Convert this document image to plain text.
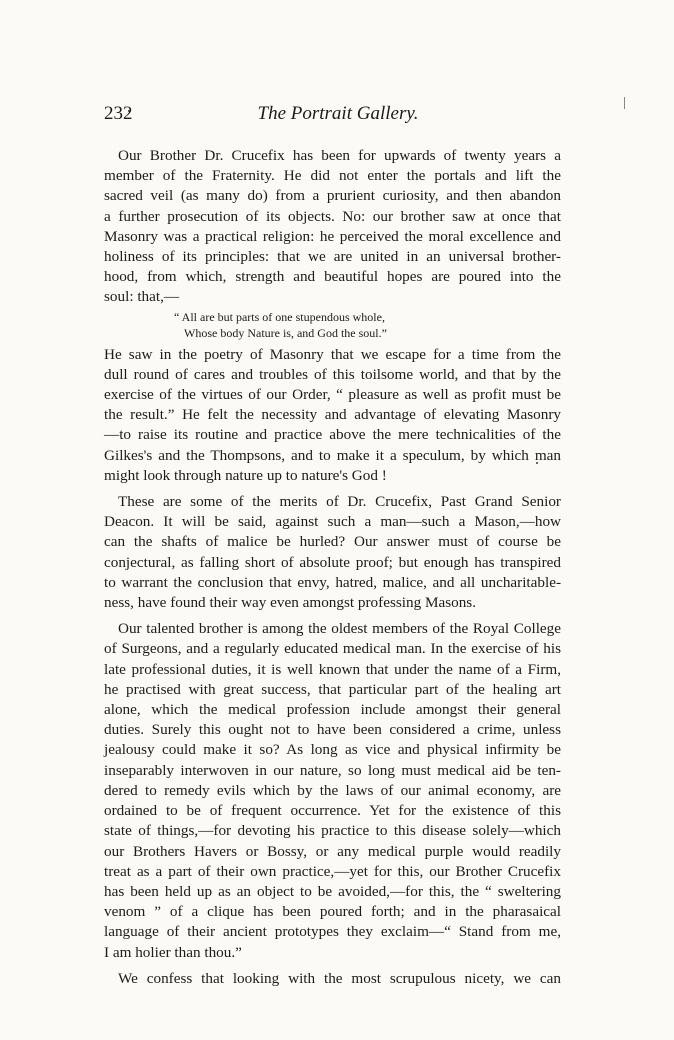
232	The Portrait Gallery.
Our Brother Dr. Crucefix has been for upwards of twenty years a
member of the Fraternity. He did not enter the portals and lift the
sacred veil (as many do) from a prurient curiosity, and then abandon
a further prosecution of its objects. No: our brother saw at once that
Masonry was a practical religion: he perceived the moral excellence and
holiness of its principles: that we are united in an universal brother-
hood, from which, strength and beautiful hopes are poured into the
soul: that,—
“ All are but parts of one stupendous whole,
Whose body Nature is, and God the soul.”
He saw in the poetry of Masonry that we escape for a time from the
dull round of cares and troubles of this toilsome world, and that by the
exercise of the virtues of our Order, “ pleasure as well as profit must be
the result.” He felt the necessity and advantage of elevating Masonry
—to raise its routine and practice above the mere technicalities of the
Gilkes's and the Thompsons, and to make it a speculum, by which man
might look through nature up to nature's God !
These are some of the merits of Dr. Crucefix, Past Grand Senior
Deacon. It will be said, against such a man—such a Mason,—how
can the shafts of malice be hurled? Our answer must of course be
conjectural, as falling short of absolute proof; but enough has transpired
to warrant the conclusion that envy, hatred, malice, and all uncharitable-
ness, have found their way even amongst professing Masons.
Our talented brother is among the oldest members of the Royal College
of Surgeons, and a regularly educated medical man. In the exercise of his
late professional duties, it is well known that under the name of a Firm,
he practised with great success, that particular part of the healing art
alone, which the medical profession include amongst their general
duties. Surely this ought not to have been considered a crime, unless
jealousy could make it so? As long as vice and physical infirmity be
inseparably interwoven in our nature, so long must medical aid be ten-
dered to remedy evils which by the laws of our animal economy, are
ordained to be of frequent occurrence. Yet for the existence of this
state of things,—for devoting his practice to this disease solely—which
our Brothers Havers or Bossy, or any medical purple would readily
treat as a part of their own practice,—yet for this, our Brother Crucefix
has been held up as an object to be avoided,—for this, the “ sweltering
venom ” of a clique has been poured forth; and in the pharasaical
language of their ancient prototypes they exclaim—“ Stand from me,
I am holier than thou.”
We confess that looking with the most scrupulous nicety, we can
